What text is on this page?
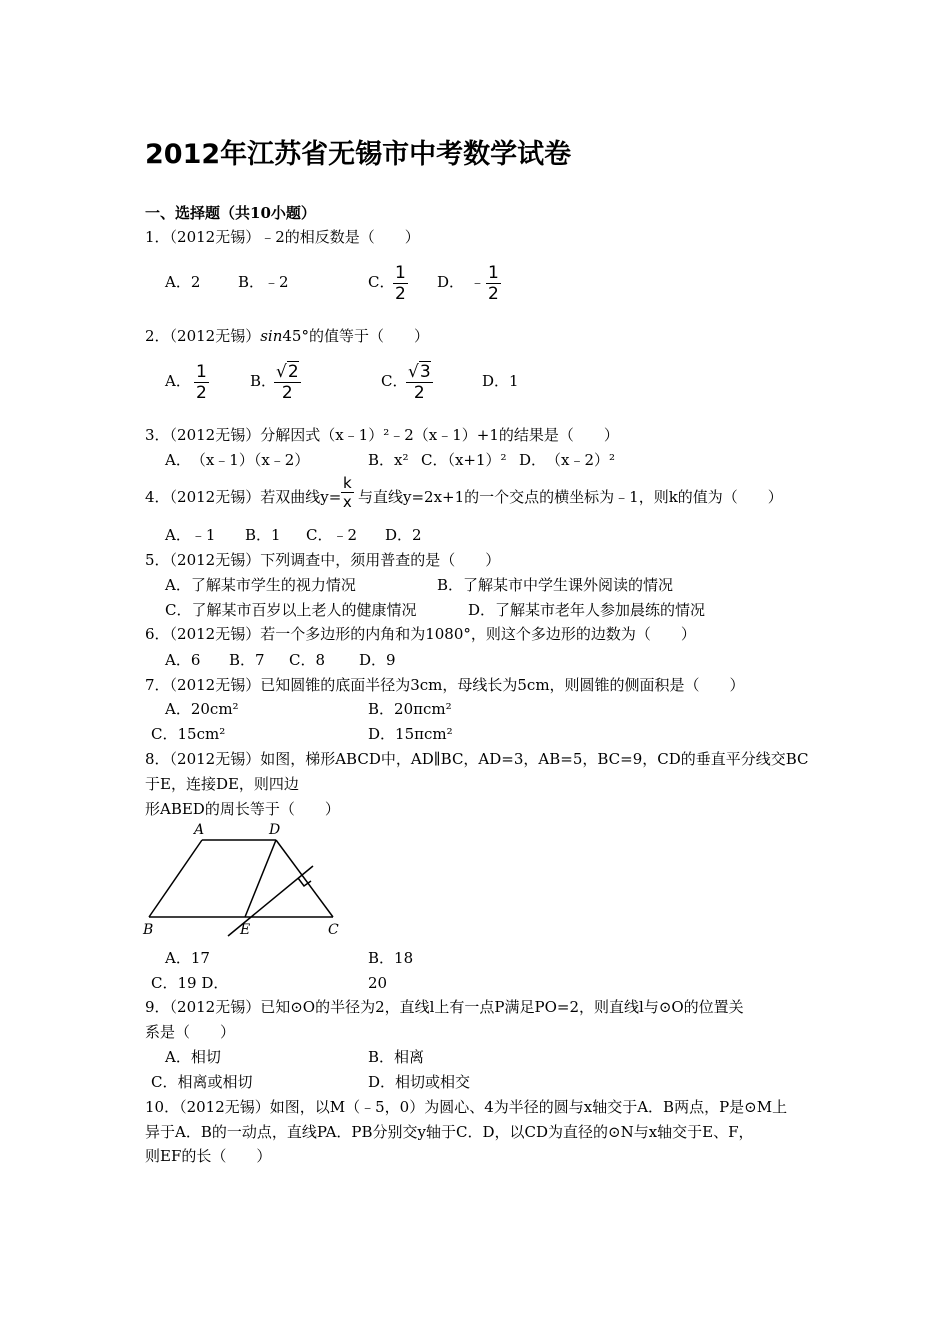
2012年江苏省无锡市中考数学试卷
一、选择题（共10小题）
1．（2012无锡）﹣2的相反数是（　　）
A．2	B．﹣2	C．
$\frac{1}{2}$ D． ﹣ $\frac{1}{2}$
2．（2012无锡）sin45°的值等于（　　）
A． $\frac{1}{2}$	B．
$\frac{√2}{2}$	C．
$\frac{√3}{2}$	D．1
3．（2012无锡）分解因式（x﹣1）²﹣2（x﹣1）+1的结果是（　　）
A．　（x﹣1）（x﹣2）	B．x² C．（x+1）² D．　（x﹣2）²
4．（2012无锡）若双曲线$y= \frac{k}{x}$ 与直线y=2x+1的一个交点的横坐标为﹣1，则k的值为（　　）
A．﹣1 B．1 C．﹣2 D．2
5．（2012无锡）下列调查中，须用普查的是（　　）
A．了解某市学生的视力情况	B．了解某市中学生课外阅读的情况
C．了解某市百岁以上老人的健康情况	D．了解某市老年人参加晨练的情况
6．（2012无锡）若一个多边形的内角和为1080°，则这个多边形的边数为（　　）
A．6 B．7 C．8 D．9
7．（2012无锡）已知圆锥的底面半径为3cm，母线长为5cm，则圆锥的侧面积是（　　）
A．20cm²	B．20πcm²
C．15cm²	D．15πcm²
8．（2012无锡）如图，梯形ABCD中，AD∥BC，AD=3，AB=5，BC=9，CD的垂直平分线交BC
于E，连接DE，则四边
形ABED的周长等于（　　）
A	D
B	E	C
A．17	B．18
C．19 D．	20
9．（2012无锡）已知⊙O的半径为2，直线l上有一点P满足PO=2，则直线l与⊙O的位置关
系是（　　）
A．相切	B．相离
C．相离或相切	D．相切或相交
10．（2012无锡）如图，以M（﹣5，0）为圆心、4为半径的圆与x轴交于A．B两点，P是⊙M上
异于A．B的一动点，直线PA．PB分别交y轴于C．D，以CD为直径的⊙N与x轴交于E、F，
则EF的长（　　）
